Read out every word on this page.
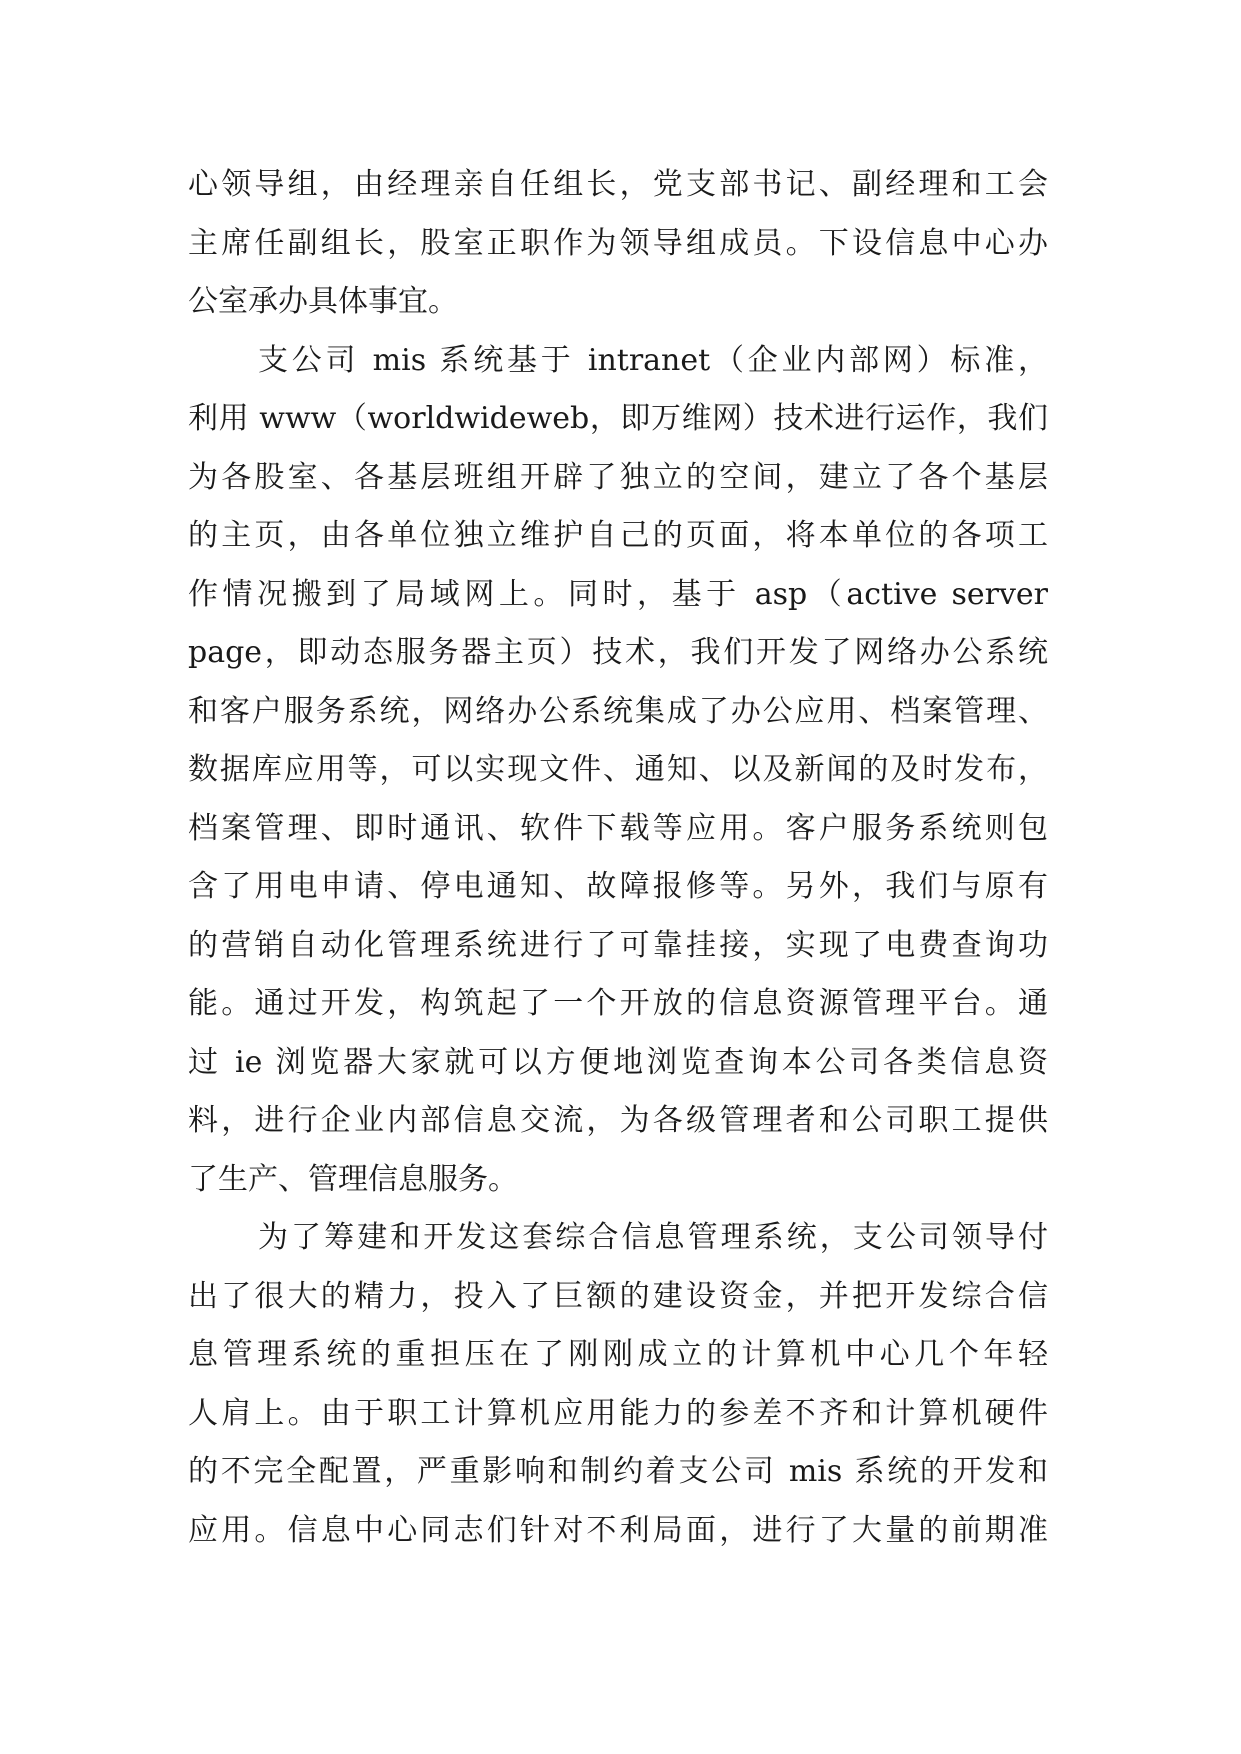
心领导组，由经理亲自任组长，党支部书记、副经理和工会
主席任副组长，股室正职作为领导组成员。下设信息中心办
公室承办具体事宜。
支公司 mis 系统基于 intranet（企业内部网）标准，
利用 www（worldwideweb，即万维网）技术进行运作，我们
为各股室、各基层班组开辟了独立的空间，建立了各个基层
的主页，由各单位独立维护自己的页面，将本单位的各项工
作情况搬到了局域网上。同时，基于 asp（active server
page，即动态服务器主页）技术，我们开发了网络办公系统
和客户服务系统，网络办公系统集成了办公应用、档案管理、
数据库应用等，可以实现文件、通知、以及新闻的及时发布，
档案管理、即时通讯、软件下载等应用。客户服务系统则包
含了用电申请、停电通知、故障报修等。另外，我们与原有
的营销自动化管理系统进行了可靠挂接，实现了电费查询功
能。通过开发，构筑起了一个开放的信息资源管理平台。通
过 ie 浏览器大家就可以方便地浏览查询本公司各类信息资
料，进行企业内部信息交流，为各级管理者和公司职工提供
了生产、管理信息服务。
为了筹建和开发这套综合信息管理系统，支公司领导付
出了很大的精力，投入了巨额的建设资金，并把开发综合信
息管理系统的重担压在了刚刚成立的计算机中心几个年轻
人肩上。由于职工计算机应用能力的参差不齐和计算机硬件
的不完全配置，严重影响和制约着支公司 mis 系统的开发和
应用。信息中心同志们针对不利局面，进行了大量的前期准
